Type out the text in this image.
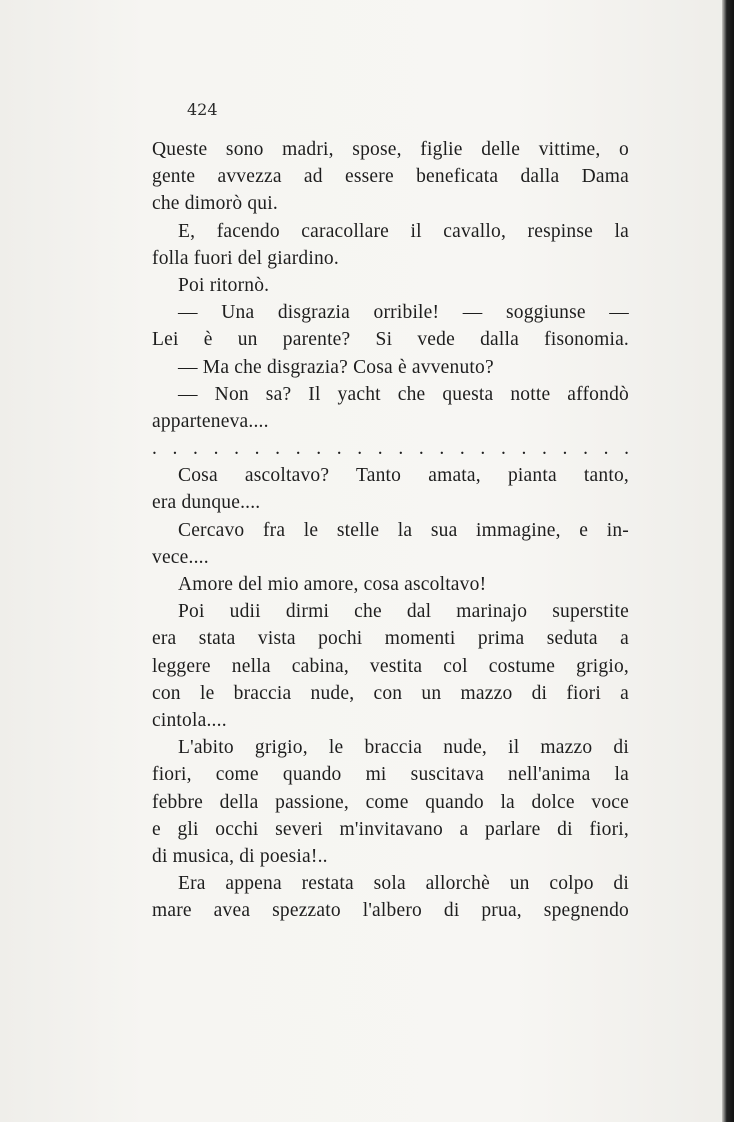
424
Queste sono madri, spose, figlie delle vittime, o
gente avvezza ad essere beneficata dalla Dama
che dimorò qui.
E, facendo caracollare il cavallo, respinse la
folla fuori del giardino.
Poi ritornò.
— Una disgrazia orribile! — soggiunse —
Lei è un parente? Si vede dalla fisonomia.
— Ma che disgrazia? Cosa è avvenuto?
— Non sa? Il yacht che questa notte affondò
apparteneva....
. . . . . . . . . . . . . . . . . . . . . . . .
Cosa ascoltavo? Tanto amata, pianta tanto,
era dunque....
Cercavo fra le stelle la sua immagine, e in-
vece....
Amore del mio amore, cosa ascoltavo!
Poi udii dirmi che dal marinajo superstite
era stata vista pochi momenti prima seduta a
leggere nella cabina, vestita col costume grigio,
con le braccia nude, con un mazzo di fiori a
cintola....
L'abito grigio, le braccia nude, il mazzo di
fiori, come quando mi suscitava nell'anima la
febbre della passione, come quando la dolce voce
e gli occhi severi m'invitavano a parlare di fiori,
di musica, di poesia!..
Era appena restata sola allorchè un colpo di
mare avea spezzato l'albero di prua, spegnendo
